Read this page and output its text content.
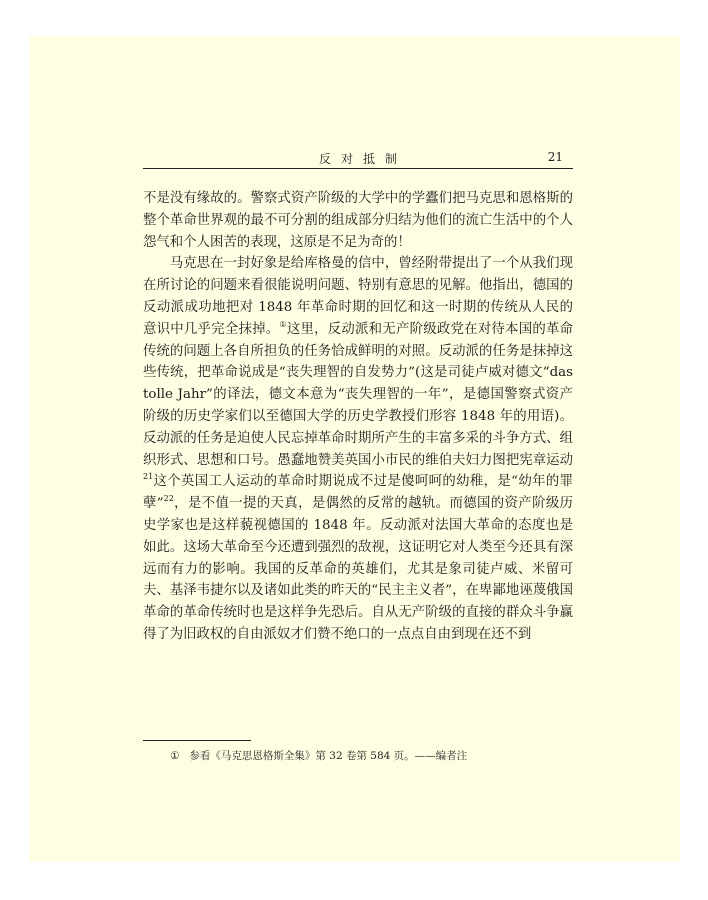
反对抵制	21

不是没有缘故的。警察式资产阶级的大学中的学蠹们把马克思和恩格斯的整个革命世界观的最不可分割的组成部分归结为他们的流亡生活中的个人怨气和个人困苦的表现，这原是不足为奇的！

马克思在一封好象是给库格曼的信中，曾经附带提出了一个从我们现在所讨论的问题来看很能说明问题、特别有意思的见解。他指出，德国的反动派成功地把对 1848 年革命时期的回忆和这一时期的传统从人民的意识中几乎完全抹掉。①这里，反动派和无产阶级政党在对待本国的革命传统的问题上各自所担负的任务恰成鲜明的对照。反动派的任务是抹掉这些传统，把革命说成是“丧失理智的自发势力”(这是司徒卢威对德文“das tolle Jahr”的译法，德文本意为“丧失理智的一年”，是德国警察式资产阶级的历史学家们以至德国大学的历史学教授们形容 1848 年的用语)。反动派的任务是迫使人民忘掉革命时期所产生的丰富多采的斗争方式、组织形式、思想和口号。愚蠢地赞美英国小市民的维伯夫妇力图把宪章运动$^{21}$这个英国工人运动的革命时期说成不过是傻呵呵的幼稚，是“幼年的罪孽”$^{22}$，是不值一提的天真，是偶然的反常的越轨。而德国的资产阶级历史学家也是这样藐视德国的 1848 年。反动派对法国大革命的态度也是如此。这场大革命至今还遭到强烈的敌视，这证明它对人类至今还具有深远而有力的影响。我国的反革命的英雄们，尤其是象司徒卢威、米留可夫、基泽韦捷尔以及诸如此类的昨天的“民主主义者”，在卑鄙地诬蔑俄国革命的革命传统时也是这样争先恐后。自从无产阶级的直接的群众斗争赢得了为旧政权的自由派奴才们赞不绝口的一点点自由到现在还不到

① 参看《马克思恩格斯全集》第 32 卷第 584 页。——编者注
